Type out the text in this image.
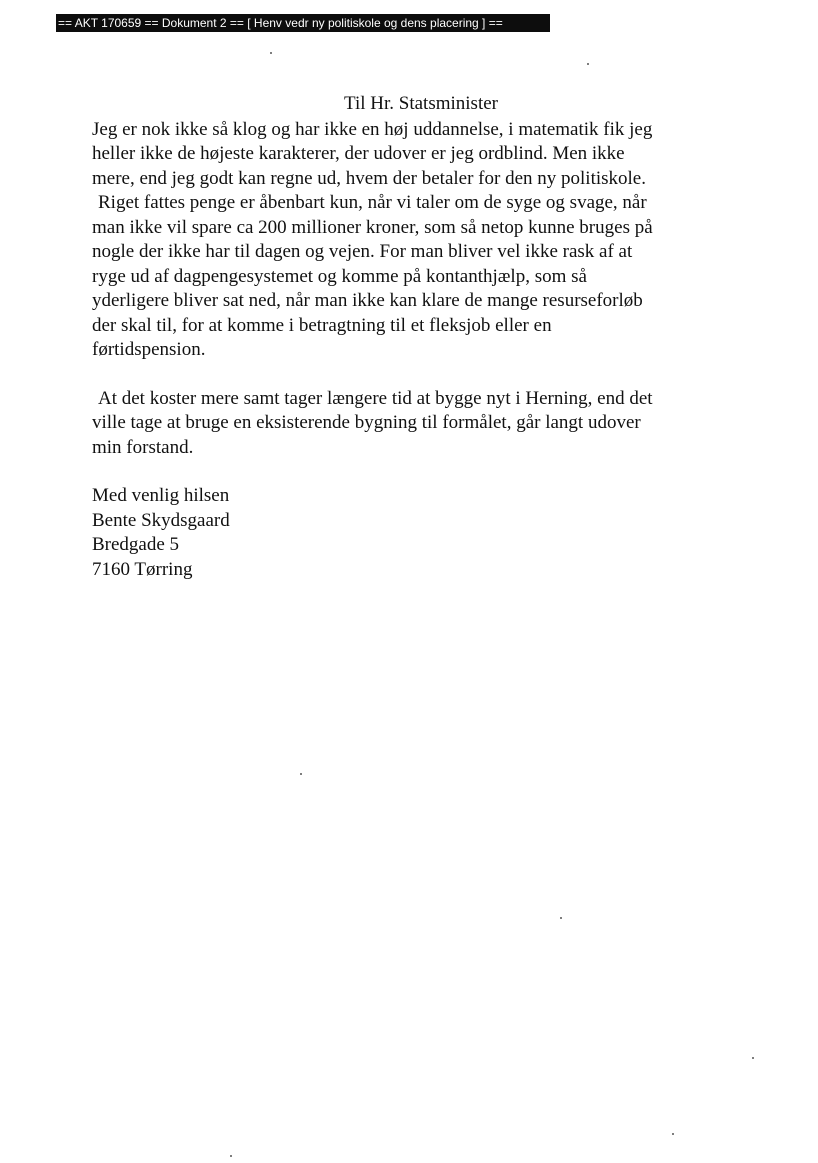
== AKT 170659 == Dokument 2 == [ Henv vedr ny politiskole og dens placering ] ==

Til Hr. Statsminister

Jeg er nok ikke så klog og har ikke en høj uddannelse, i matematik fik jeg

heller ikke de højeste karakterer, der udover er jeg ordblind. Men ikke

mere, end jeg godt kan regne ud, hvem der betaler for den ny politiskole.

Riget fattes penge er åbenbart kun, når vi taler om de syge og svage, når

man ikke vil spare ca 200 millioner kroner, som så netop kunne bruges på

nogle der ikke har til dagen og vejen. For man bliver vel ikke rask af at

ryge ud af dagpengesystemet og komme på kontanthjælp, som så

yderligere bliver sat ned, når man ikke kan klare de mange resurseforløb

der skal til, for at komme i betragtning til et fleksjob eller en

førtidspension.

At det koster mere samt tager længere tid at bygge nyt i Herning, end det

ville tage at bruge en eksisterende bygning til formålet, går langt udover

min forstand.

Med venlig hilsen

Bente Skydsgaard

Bredgade 5

7160 Tørring
